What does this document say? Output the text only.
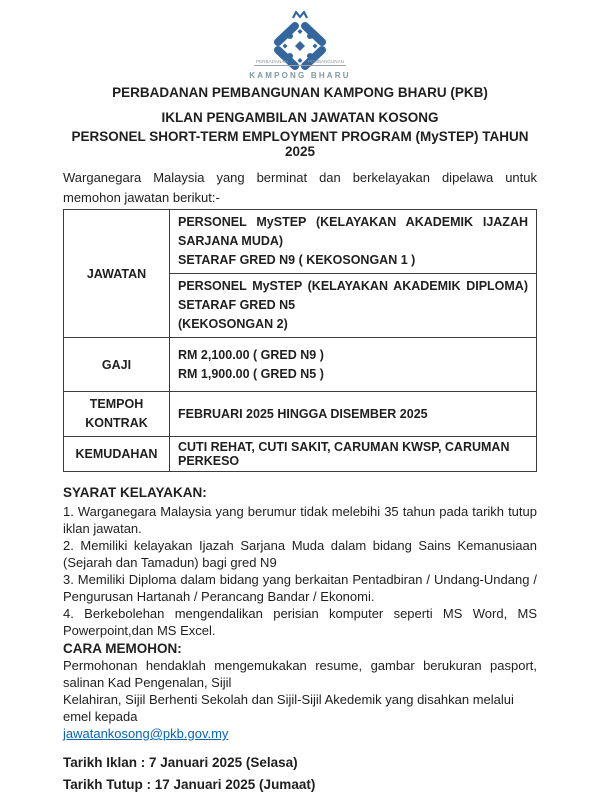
PERBADANAN	PEMBANGUNAN
KAMPONG BHARU
PERBADANAN PEMBANGUNAN KAMPONG BHARU (PKB)
IKLAN PENGAMBILAN JAWATAN KOSONG
PERSONEL SHORT-TERM EMPLOYMENT PROGRAM (MySTEP) TAHUN 2025

Warganegara Malaysia yang berminat dan berkelayakan dipelawa untuk memohon jawatan berikut:-

JAWATAN	PERSONEL MySTEP (KELAYAKAN AKADEMIK IJAZAH SARJANA MUDA)
SETARAF GRED N9 ( KEKOSONGAN 1 )

	PERSONEL MySTEP (KELAYAKAN AKADEMIK DIPLOMA) SETARAF GRED N5
(KEKOSONGAN 2)

GAJI	RM 2,100.00 ( GRED N9 )
RM 1,900.00 ( GRED N5 )

TEMPOH
KONTRAK	FEBRUARI 2025 HINGGA DISEMBER 2025
KEMUDAHAN	CUTI REHAT, CUTI SAKIT, CARUMAN KWSP, CARUMAN PERKESO
SYARAT KELAYAKAN:

1. Warganegara Malaysia yang berumur tidak melebihi 35 tahun pada tarikh tutup iklan jawatan.

2. Memiliki kelayakan Ijazah Sarjana Muda dalam bidang Sains Kemanusiaan (Sejarah dan Tamadun) bagi gred N9

3. Memiliki Diploma dalam bidang yang berkaitan Pentadbiran / Undang-Undang / Pengurusan Hartanah / Perancang Bandar / Ekonomi.

4. Berkebolehan mengendalikan perisian komputer seperti MS Word, MS Powerpoint,dan MS Excel.

CARA MEMOHON:

Permohonan hendaklah mengemukakan resume, gambar berukuran pasport, salinan Kad Pengenalan, Sijil

Kelahiran, Sijil Berhenti Sekolah dan Sijil-Sijil Akedemik yang disahkan melalui emel kepada

jawatankosong@pkb.gov.my

Tarikh Iklan : 7 Januari 2025 (Selasa)

Tarikh Tutup : 17 Januari 2025 (Jumaat)
